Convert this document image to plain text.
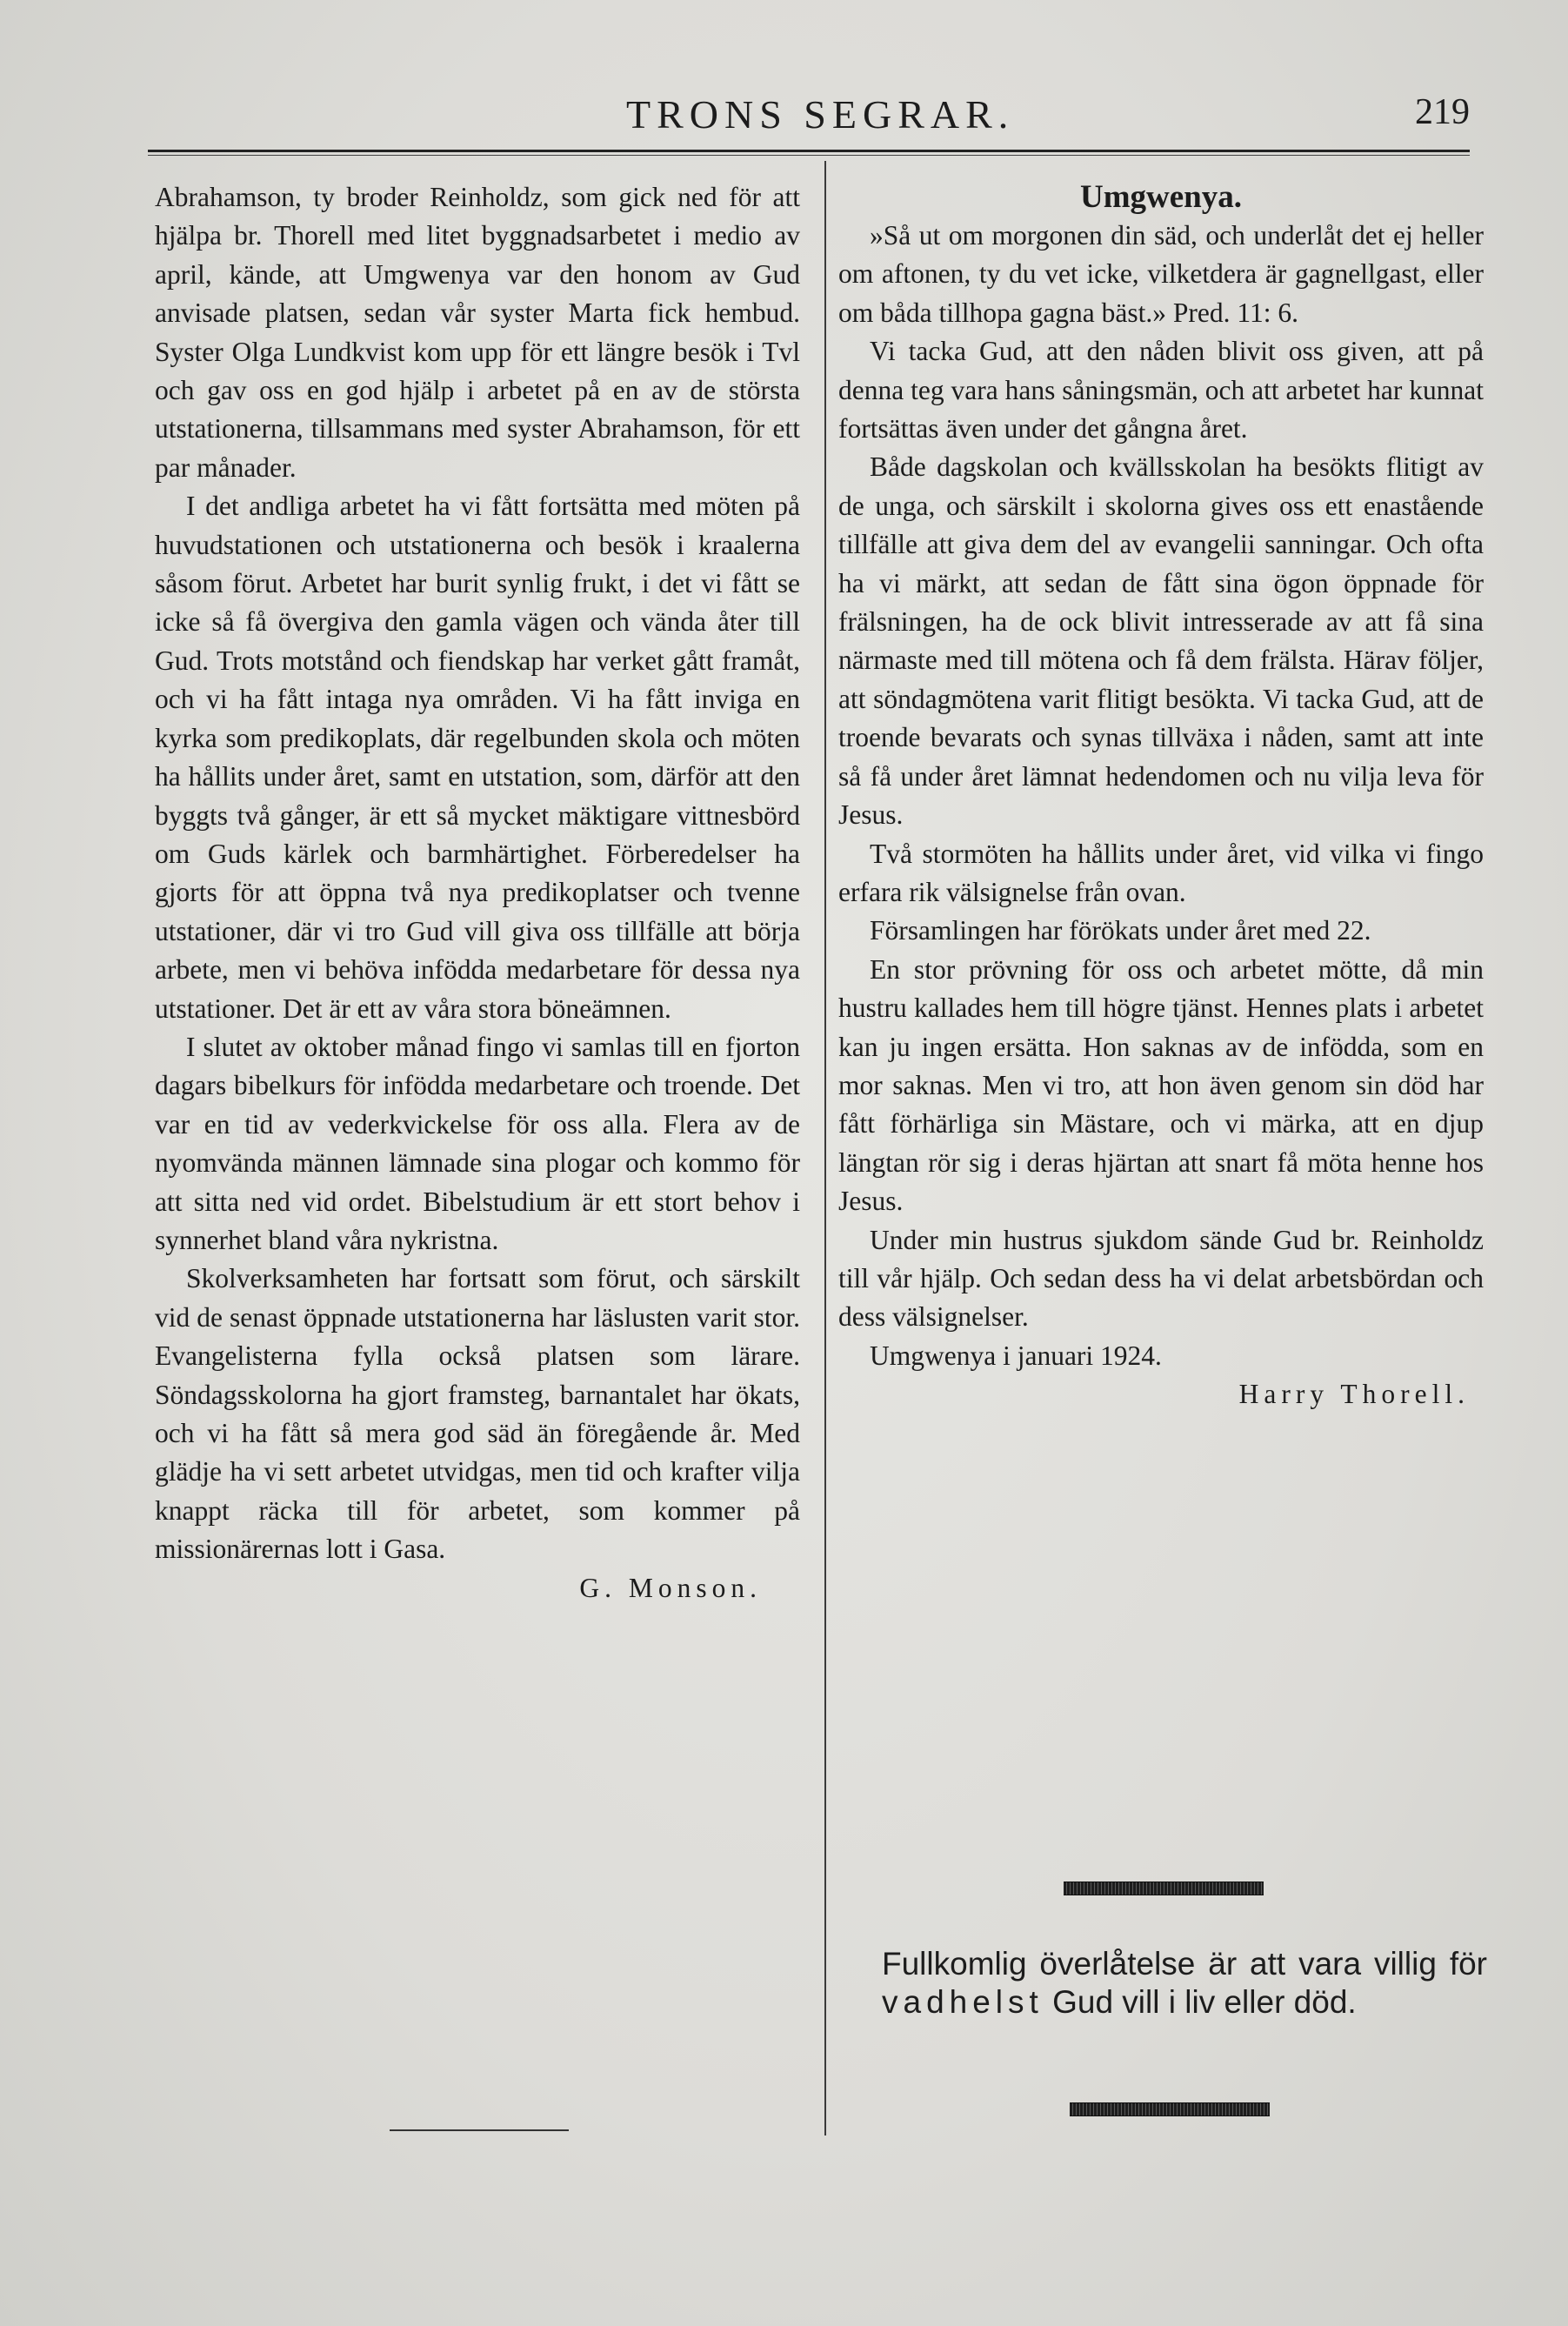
TRONS SEGRAR.	219

Abrahamson, ty broder Reinholdz, som gick ned för att hjälpa br. Thorell med litet byggnadsarbetet i medio av april, kände, att Umgwenya var den honom av Gud anvisade platsen, sedan vår syster Marta fick hembud. Syster Olga Lundkvist kom upp för ett längre besök i Tvl och gav oss en god hjälp i arbetet på en av de största utstationerna, tillsammans med syster Abrahamson, för ett par månader.

I det andliga arbetet ha vi fått fortsätta med möten på huvudstationen och utstationerna och besök i kraalerna såsom förut. Arbetet har burit synlig frukt, i det vi fått se icke så få övergiva den gamla vägen och vända åter till Gud. Trots motstånd och fiendskap har verket gått framåt, och vi ha fått intaga nya områden. Vi ha fått inviga en kyrka som predikoplats, där regelbunden skola och möten ha hållits under året, samt en utstation, som, därför att den byggts två gånger, är ett så mycket mäktigare vittnesbörd om Guds kärlek och barmhärtighet. Förberedelser ha gjorts för att öppna två nya predikoplatser och tvenne utstationer, där vi tro Gud vill giva oss tillfälle att börja arbete, men vi behöva infödda medarbetare för dessa nya utstationer. Det är ett av våra stora böneämnen.

I slutet av oktober månad fingo vi samlas till en fjorton dagars bibelkurs för infödda medarbetare och troende. Det var en tid av vederkvickelse för oss alla. Flera av de nyomvända männen lämnade sina plogar och kommo för att sitta ned vid ordet. Bibelstudium är ett stort behov i synnerhet bland våra nykristna.

Skolverksamheten har fortsatt som förut, och särskilt vid de senast öppnade utstationerna har läslusten varit stor. Evangelisterna fylla också platsen som lärare. Söndagsskolorna ha gjort framsteg, barnantalet har ökats, och vi ha fått så mera god säd än föregående år. Med glädje ha vi sett arbetet utvidgas, men tid och krafter vilja knappt räcka till för arbetet, som kommer på missionärernas lott i Gasa.

G. Monson.

Umgwenya.

»Så ut om morgonen din säd, och underlåt det ej heller om aftonen, ty du vet icke, vilketdera är gagnellgast, eller om båda tillhopa gagna bäst.» Pred. 11: 6.

Vi tacka Gud, att den nåden blivit oss given, att på denna teg vara hans såningsmän, och att arbetet har kunnat fortsättas även under det gångna året.

Både dagskolan och kvällsskolan ha besökts flitigt av de unga, och särskilt i skolorna gives oss ett enastående tillfälle att giva dem del av evangelii sanningar. Och ofta ha vi märkt, att sedan de fått sina ögon öppnade för frälsningen, ha de ock blivit intresserade av att få sina närmaste med till mötena och få dem frälsta. Härav följer, att söndagmötena varit flitigt besökta. Vi tacka Gud, att de troende bevarats och synas tillväxa i nåden, samt att inte så få under året lämnat hedendomen och nu vilja leva för Jesus.

Två stormöten ha hållits under året, vid vilka vi fingo erfara rik välsignelse från ovan.

Församlingen har förökats under året med 22.

En stor prövning för oss och arbetet mötte, då min hustru kallades hem till högre tjänst. Hennes plats i arbetet kan ju ingen ersätta. Hon saknas av de infödda, som en mor saknas. Men vi tro, att hon även genom sin död har fått förhärliga sin Mästare, och vi märka, att en djup längtan rör sig i deras hjärtan att snart få möta henne hos Jesus.

Under min hustrus sjukdom sände Gud br. Reinholdz till vår hjälp. Och sedan dess ha vi delat arbetsbördan och dess välsignelser.

Umgwenya i januari 1924.

Harry Thorell.

Fullkomlig överlåtelse är att vara villig för vadhelst Gud vill i liv eller död.
